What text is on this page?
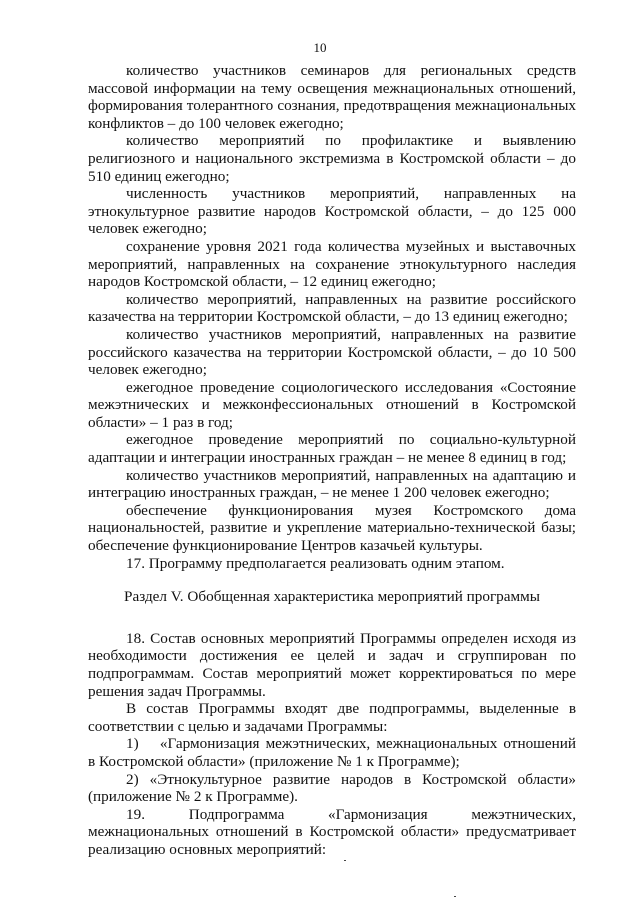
10

количество участников семинаров для региональных средств массовой информации на тему освещения межнациональных отношений, формирования толерантного сознания, предотвращения межнациональных конфликтов – до 100 человек ежегодно;

количество мероприятий по профилактике и выявлению религиозного и национального экстремизма в Костромской области – до 510 единиц ежегодно;

численность участников мероприятий, направленных на этнокультурное развитие народов Костромской области, – до 125 000 человек ежегодно;

сохранение уровня 2021 года количества музейных и выставочных мероприятий, направленных на сохранение этнокультурного наследия народов Костромской области, – 12 единиц ежегодно;

количество мероприятий, направленных на развитие российского казачества на территории Костромской области, – до 13 единиц ежегодно;

количество участников мероприятий, направленных на развитие российского казачества на территории Костромской области, – до 10 500 человек ежегодно;

ежегодное проведение социологического исследования «Состояние межэтнических и межконфессиональных отношений в Костромской области» – 1 раз в год;

ежегодное проведение мероприятий по социально-культурной адаптации и интеграции иностранных граждан – не менее 8 единиц в год;

количество участников мероприятий, направленных на адаптацию и интеграцию иностранных граждан, – не менее 1 200 человек ежегодно;

обеспечение функционирования музея Костромского дома национальностей, развитие и укрепление материально-технической базы; обеспечение функционирование Центров казачьей культуры.

17. Программу предполагается реализовать одним этапом.

Раздел V. Обобщенная характеристика мероприятий программы

18. Состав основных мероприятий Программы определен исходя из необходимости достижения ее целей и задач и сгруппирован по подпрограммам. Состав мероприятий может корректироваться по мере решения задач Программы.

В состав Программы входят две подпрограммы, выделенные в соответствии с целью и задачами Программы:

1)  «Гармонизация межэтнических, межнациональных отношений в Костромской области» (приложение № 1 к Программе);

2) «Этнокультурное развитие народов в Костромской области» (приложение № 2 к Программе).

19. Подпрограмма «Гармонизация межэтнических, межнациональных отношений в Костромской области» предусматривает реализацию основных мероприятий:
